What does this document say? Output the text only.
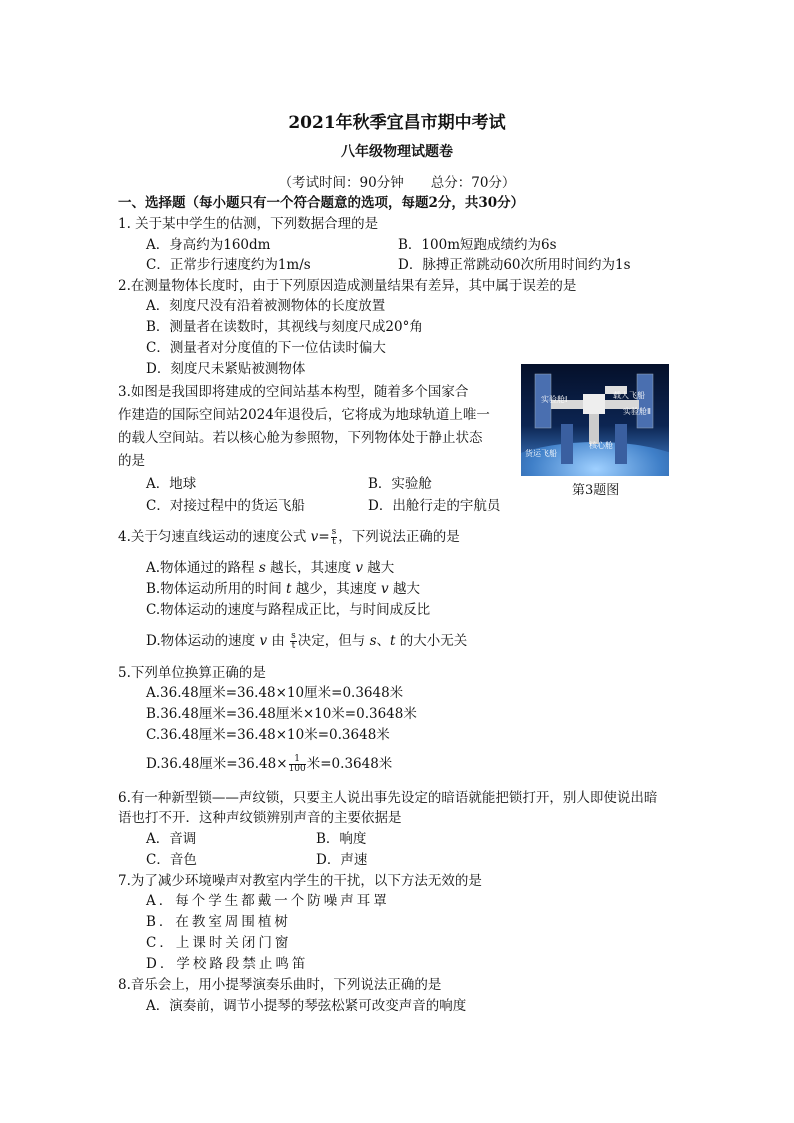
2021年秋季宜昌市期中考试
八年级物理试题卷
（考试时间：90分钟　　总分：70分）
一、选择题（每小题只有一个符合题意的选项，每题2分，共30分）
1. 关于某中学生的估测，下列数据合理的是
A．身高约为160dm	B．100m短跑成绩约为6s
C．正常步行速度约为1m/s	D．脉搏正常跳动60次所用时间约为1s
2.在测量物体长度时，由于下列原因造成测量结果有差异，其中属于误差的是
A．刻度尺没有沿着被测物体的长度放置
B．测量者在读数时，其视线与刻度尺成20°角
C．测量者对分度值的下一位估读时偏大
D．刻度尺未紧贴被测物体
3.如图是我国即将建成的空间站基本构型，随着多个国家合
作建造的国际空间站2024年退役后，它将成为地球轨道上唯一
的载人空间站。若以核心舱为参照物，下列物体处于静止状态
的是
A．地球	B．实验舱
C．对接过程中的货运飞船	D．出舱行走的宇航员
实验舱Ⅰ	载人飞船
实验舱Ⅱ
核心舱
货运飞船
第3题图
4.关于匀速直线运动的速度公式 $v= \frac{s}{t}$ ，下列说法正确的是
A.物体通过的路程 s 越长，其速度 v 越大
B.物体运动所用的时间 t 越少，其速度 v 越大
C.物体运动的速度与路程成正比，与时间成反比
D.物体运动的速度 v 由 $\frac{s}{t}$ 决定，但与 s、t 的大小无关
5.下列单位换算正确的是
A.36.48厘米=36.48×10厘米=0.3648米
B.36.48厘米=36.48厘米×10米=0.3648米
C.36.48厘米=36.48×10米=0.3648米
D.36.48厘米$=36.48\times \frac{1}{100}$ 米=0.3648米
6.有一种新型锁——声纹锁，只要主人说出事先设定的暗语就能把锁打开，别人即使说出暗
语也打不开．这种声纹锁辨别声音的主要依据是
A．音调	B．响度
C．音色	D．声速
7.为了减少环境噪声对教室内学生的干扰，以下方法无效的是
A．每个学生都戴一个防噪声耳罩
B．在教室周围植树
C．上课时关闭门窗
D．学校路段禁止鸣笛
8.音乐会上，用小提琴演奏乐曲时，下列说法正确的是
A．演奏前，调节小提琴的琴弦松紧可改变声音的响度
